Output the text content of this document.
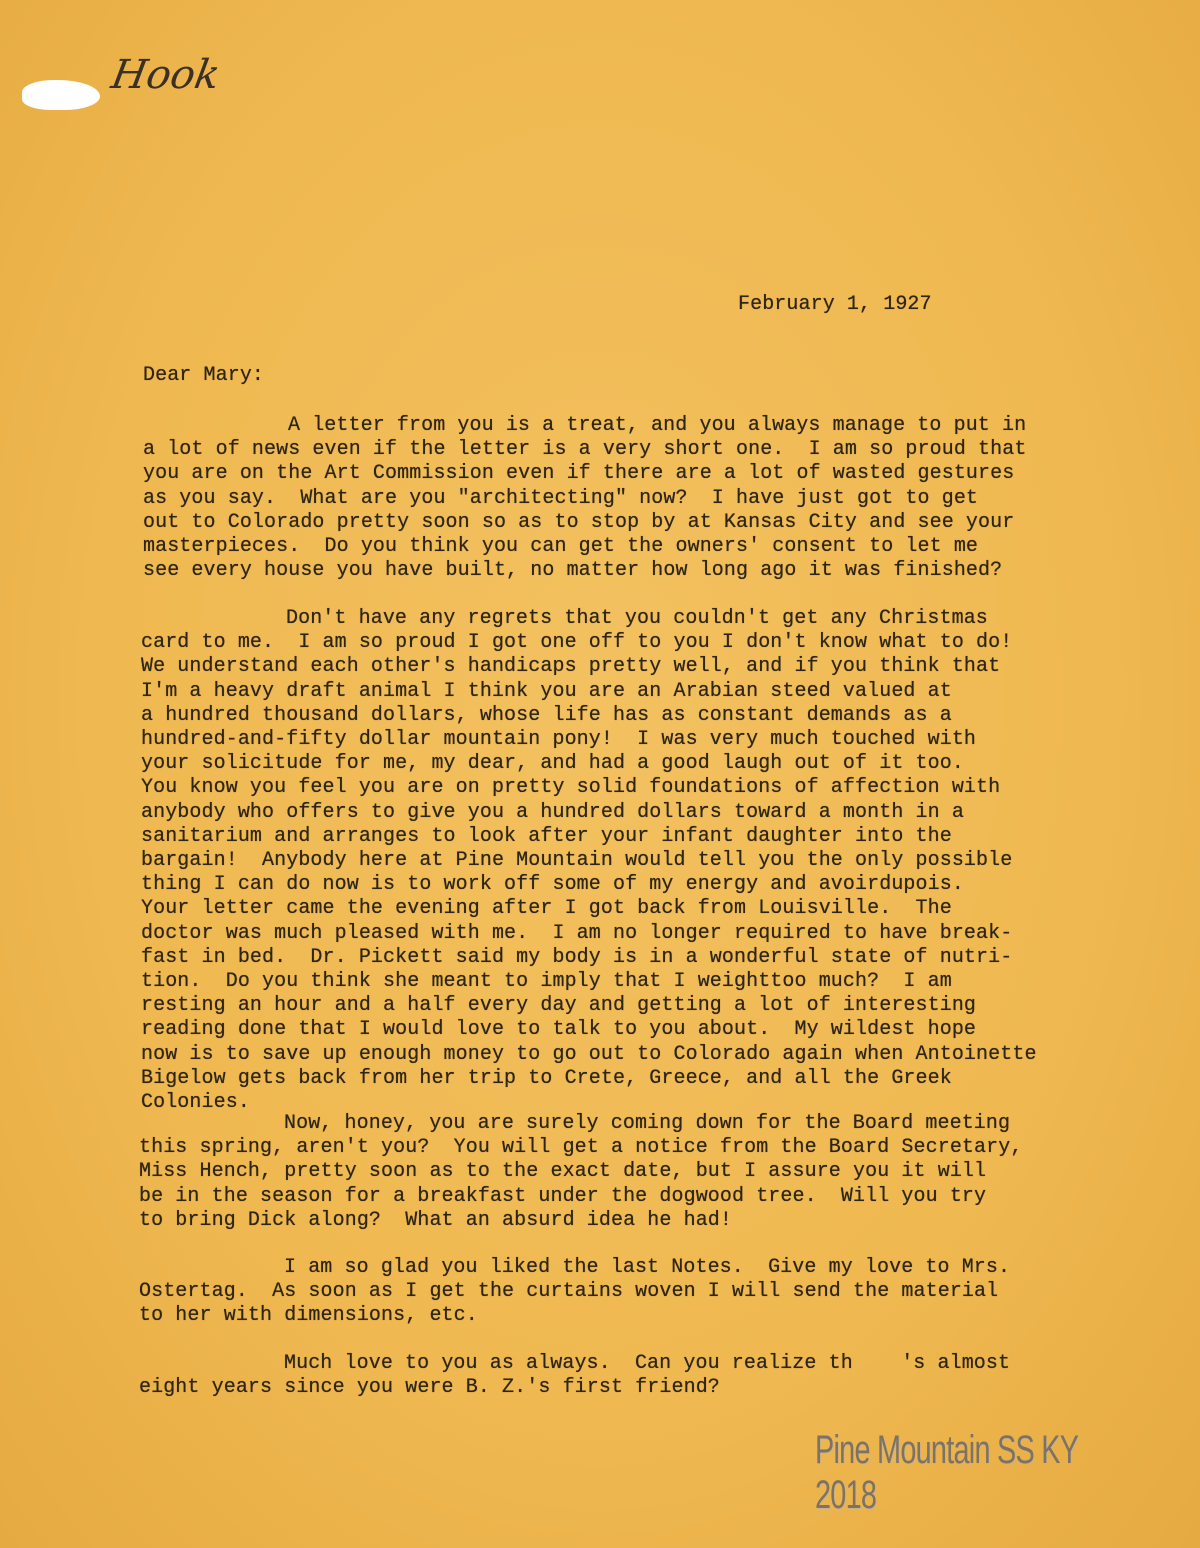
Hook
February 1, 1927
Dear Mary:
A letter from you is a treat, and you always manage to put in
a lot of news even if the letter is a very short one.  I am so proud that
you are on the Art Commission even if there are a lot of wasted gestures
as you say.  What are you "architecting" now?  I have just got to get
out to Colorado pretty soon so as to stop by at Kansas City and see your
masterpieces.  Do you think you can get the owners' consent to let me
see every house you have built, no matter how long ago it was finished?
Don't have any regrets that you couldn't get any Christmas
card to me.  I am so proud I got one off to you I don't know what to do!
We understand each other's handicaps pretty well, and if you think that
I'm a heavy draft animal I think you are an Arabian steed valued at
a hundred thousand dollars, whose life has as constant demands as a
hundred-and-fifty dollar mountain pony!  I was very much touched with
your solicitude for me, my dear, and had a good laugh out of it too.
You know you feel you are on pretty solid foundations of affection with
anybody who offers to give you a hundred dollars toward a month in a
sanitarium and arranges to look after your infant daughter into the
bargain!  Anybody here at Pine Mountain would tell you the only possible
thing I can do now is to work off some of my energy and avoirdupois.
Your letter came the evening after I got back from Louisville.  The
doctor was much pleased with me.  I am no longer required to have break-
fast in bed.  Dr. Pickett said my body is in a wonderful state of nutri-
tion.  Do you think she meant to imply that I weighttoo much?  I am
resting an hour and a half every day and getting a lot of interesting
reading done that I would love to talk to you about.  My wildest hope
now is to save up enough money to go out to Colorado again when Antoinette
Bigelow gets back from her trip to Crete, Greece, and all the Greek
Colonies.
Now, honey, you are surely coming down for the Board meeting
this spring, aren't you?  You will get a notice from the Board Secretary,
Miss Hench, pretty soon as to the exact date, but I assure you it will
be in the season for a breakfast under the dogwood tree.  Will you try
to bring Dick along?  What an absurd idea he had!
I am so glad you liked the last Notes.  Give my love to Mrs.
Ostertag.  As soon as I get the curtains woven I will send the material
to her with dimensions, etc.
Much love to you as always.  Can you realize th    's almost
eight years since you were B. Z.'s first friend?
Pine Mountain SS KY 2018
